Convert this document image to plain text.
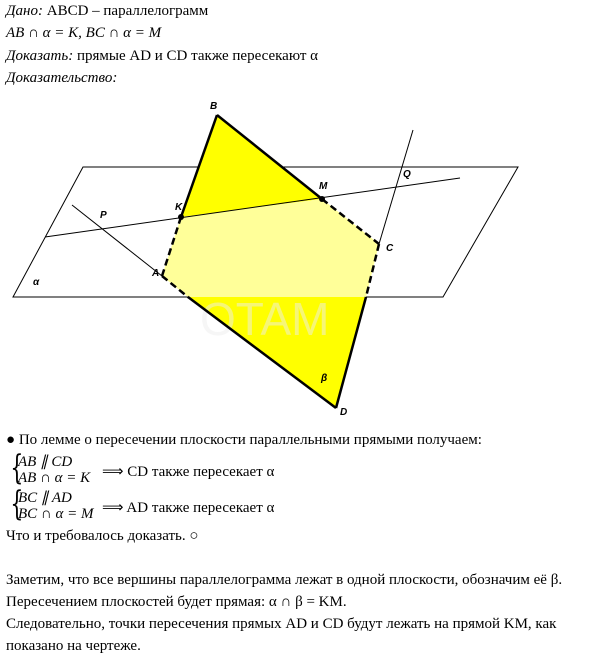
Дано: ABCD – параллелограмм
AB ∩ α = K, BC ∩ α = M
Доказать: прямые AD и CD также пересекают α
Доказательство:
OTAM
B
M
Q
P
K
C
A
D
α
β
● По лемме о пересечении плоскости параллельными прямыми получаем:
{
AB ∥ CD
AB ∩ α = K ⟹ CD также пересекает α
{
BC ∥ AD
BC ∩ α = M ⟹ AD также пересекает α
Что и требовалось доказать. ○
Заметим, что все вершины параллелограмма лежат в одной плоскости, обозначим её β.
Пересечением плоскостей будет прямая: α ∩ β = KM.
Следовательно, точки пересечения прямых AD и CD будут лежать на прямой KM, как
показано на чертеже.
